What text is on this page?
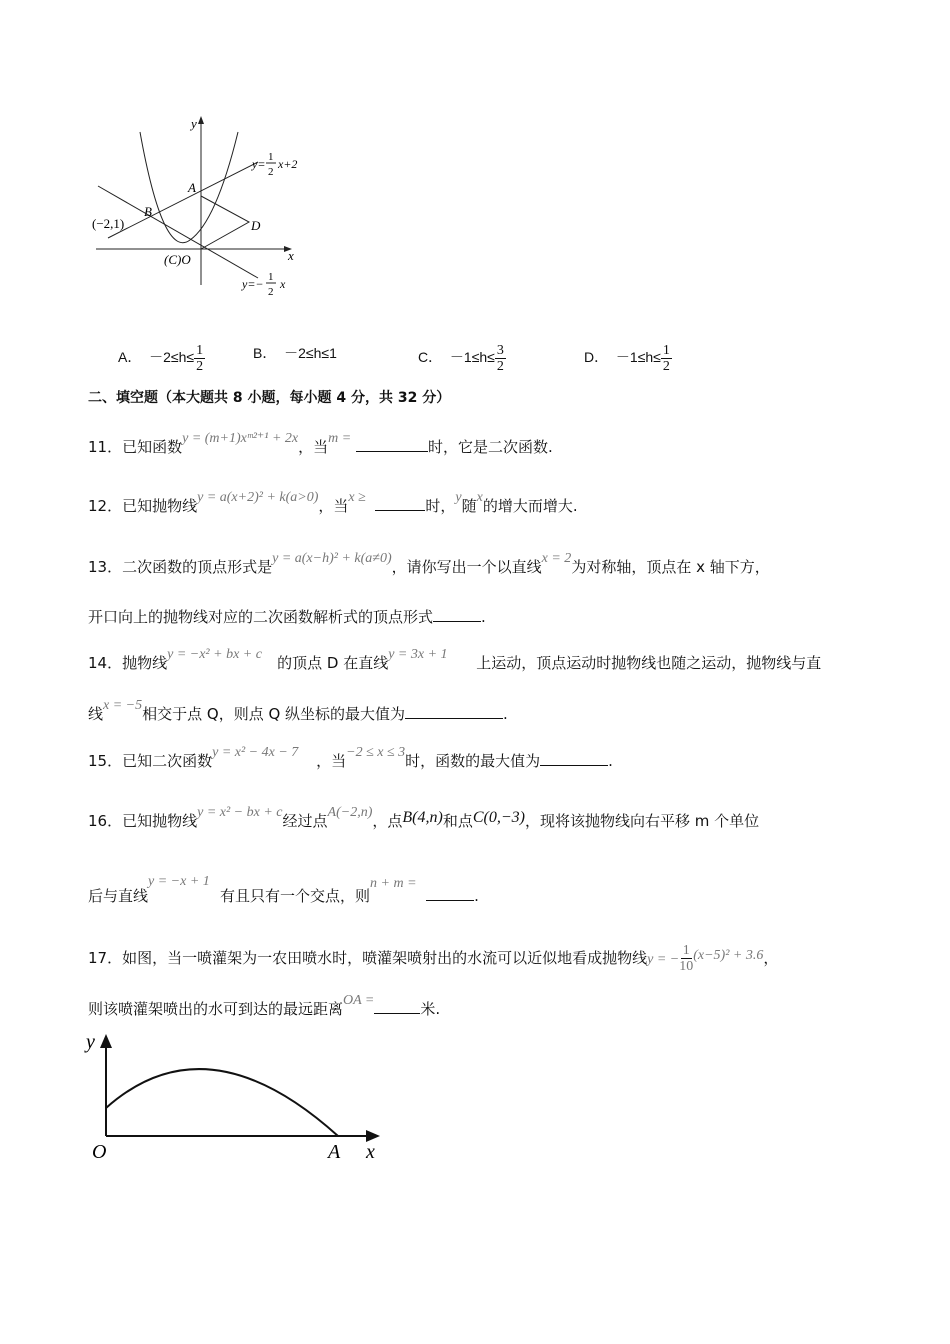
y
x
A
B
D
(−2,1)
(C)O
y= 1
2
x+2
y=− 1
2
x
A． $-2\le h\le \frac{1}{2}$	B． －2≤h≤1	C． $-1\le h\le \frac{3}{2}$	D． $-1\le h\le \frac{1}{2}$
二、填空题（本大题共 8 小题，每小题 4 分，共 32 分）
11．已知函数y = (m+1)xᵐ²⁺¹ + 2x，当m =	时，它是二次函数.
12．已知抛物线y = a(x+2)² + k(a>0)，当x ≥	时，y随x的增大而增大.
13．二次函数的顶点形式是y = a(x−h)² + k(a≠0)，请你写出一个以直线x = 2为对称轴，顶点在 x 轴下方，
开口向上的抛物线对应的二次函数解析式的顶点形式	.
14．抛物线y = −x² + bx + c 的顶点 D 在直线y = 3x + 1 上运动，顶点运动时抛物线也随之运动，抛物线与直
线x = −5相交于点 Q，则点 Q 纵坐标的最大值为	.
15．已知二次函数y = x² − 4x − 7 ，当−2 ≤ x ≤ 3时，函数的最大值为	.
16．已知抛物线y = x² − bx + c经过点A(−2,n)，点B(4,n)和点C(0,−3)，现将该抛物线向右平移 m 个单位
后与直线y = −x + 1有且只有一个交点，则n + m =  .
17．如图，当一喷灌架为一农田喷水时，喷灌架喷射出的水流可以近似地看成抛物线y = − $\frac{1}{10} (x-5)^2 + 3.6$，
则该喷灌架喷出的水可到达的最远距离OA =	米.
y
x
O	A
